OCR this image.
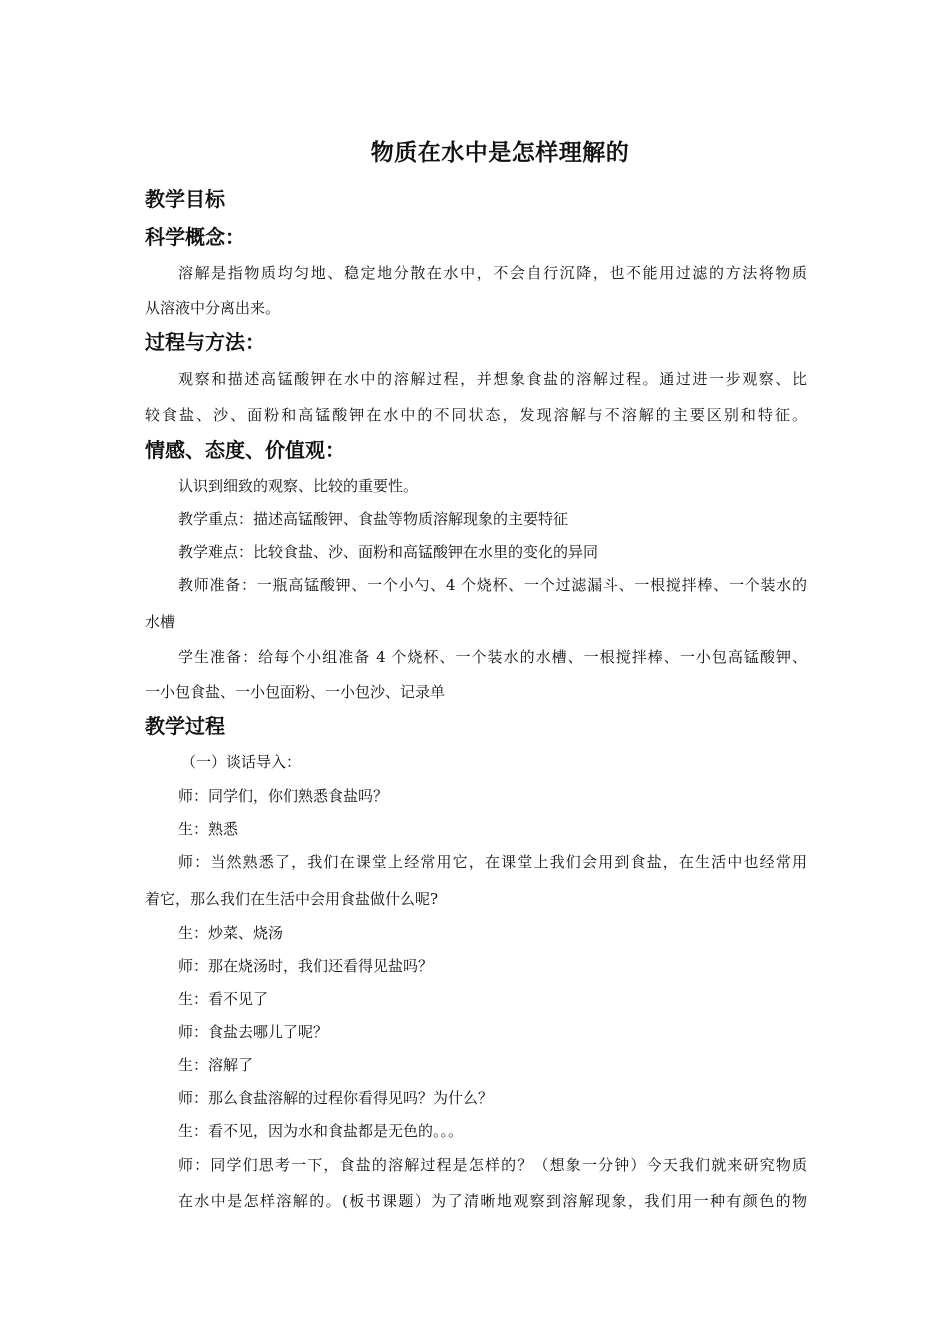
物质在水中是怎样理解的
教学目标
科学概念：
溶解是指物质均匀地、稳定地分散在水中，不会自行沉降，也不能用过滤的方法将物质
从溶液中分离出来。
过程与方法：
观察和描述高锰酸钾在水中的溶解过程，并想象食盐的溶解过程。通过进一步观察、比
较食盐、沙、面粉和高锰酸钾在水中的不同状态，发现溶解与不溶解的主要区别和特征。
情感、态度、价值观：
认识到细致的观察、比较的重要性。
教学重点：描述高锰酸钾、食盐等物质溶解现象的主要特征
教学难点：比较食盐、沙、面粉和高锰酸钾在水里的变化的异同
教师准备：一瓶高锰酸钾、一个小勺、4 个烧杯、一个过滤漏斗、一根搅拌棒、一个装水的
水槽
学生准备：给每个小组准备 4 个烧杯、一个装水的水槽、一根搅拌棒、一小包高锰酸钾、
一小包食盐、一小包面粉、一小包沙、记录单
教学过程
（一）谈话导入：
师：同学们，你们熟悉食盐吗？
生：熟悉
师：当然熟悉了，我们在课堂上经常用它，在课堂上我们会用到食盐，在生活中也经常用
着它，那么我们在生活中会用食盐做什么呢?
生：炒菜、烧汤
师：那在烧汤时，我们还看得见盐吗？
生：看不见了
师：食盐去哪儿了呢？
生：溶解了
师：那么食盐溶解的过程你看得见吗？为什么？
生：看不见，因为水和食盐都是无色的。。。
师：同学们思考一下，食盐的溶解过程是怎样的？（想象一分钟）今天我们就来研究物质
在水中是怎样溶解的。(板书课题）为了清晰地观察到溶解现象，我们用一种有颜色的物
